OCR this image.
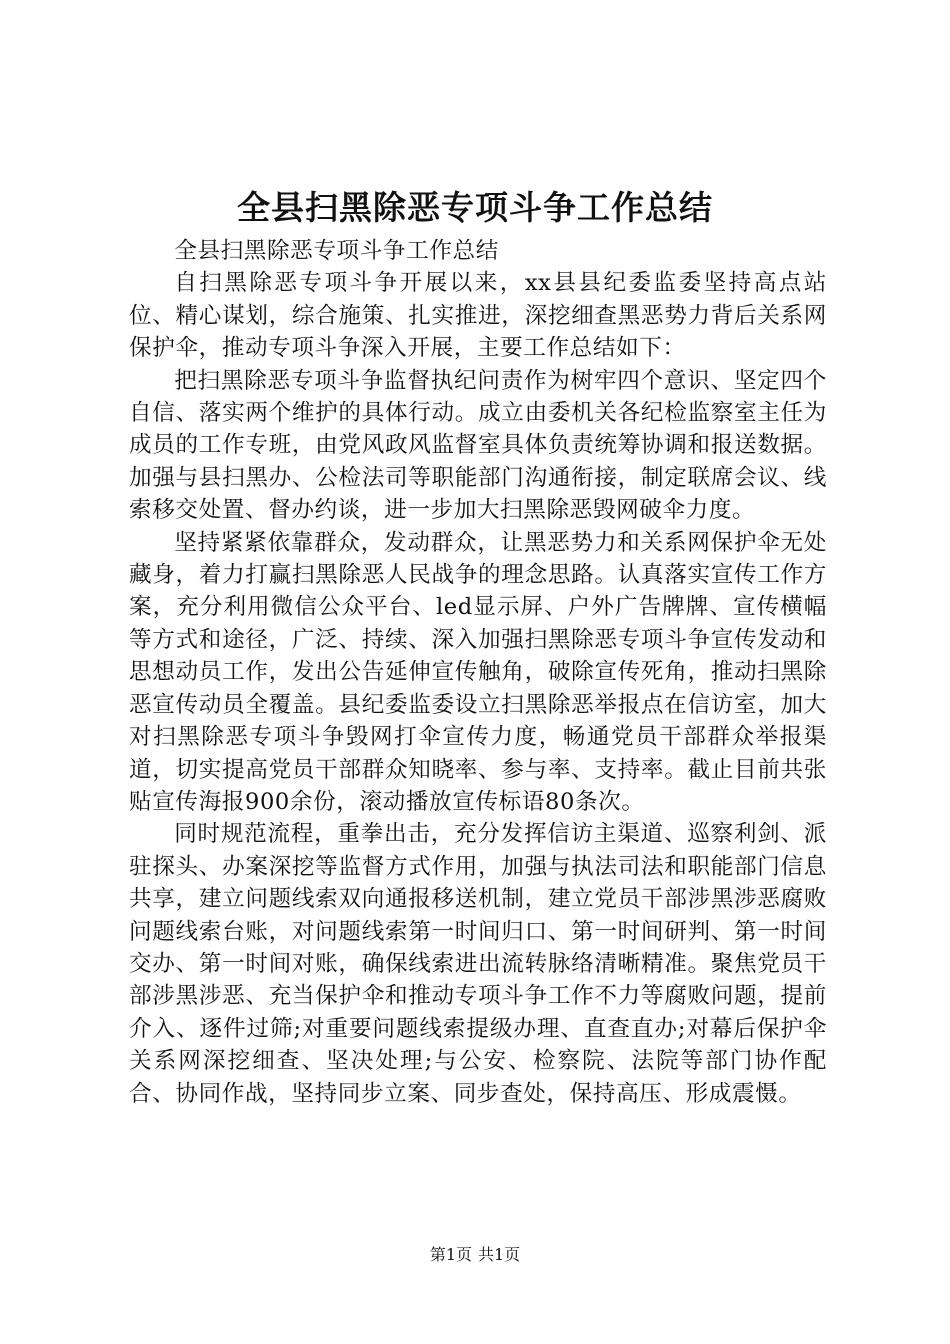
全县扫黑除恶专项斗争工作总结

全县扫黑除恶专项斗争工作总结

自扫黑除恶专项斗争开展以来，xx县县纪委监委坚持高点站位、精心谋划，综合施策、扎实推进，深挖细查黑恶势力背后关系网保护伞，推动专项斗争深入开展，主要工作总结如下：

把扫黑除恶专项斗争监督执纪问责作为树牢四个意识、坚定四个自信、落实两个维护的具体行动。成立由委机关各纪检监察室主任为成员的工作专班，由党风政风监督室具体负责统筹协调和报送数据。加强与县扫黑办、公检法司等职能部门沟通衔接，制定联席会议、线索移交处置、督办约谈，进一步加大扫黑除恶毁网破伞力度。

坚持紧紧依靠群众，发动群众，让黑恶势力和关系网保护伞无处藏身，着力打赢扫黑除恶人民战争的理念思路。认真落实宣传工作方案，充分利用微信公众平台、led显示屏、户外广告牌牌、宣传横幅等方式和途径，广泛、持续、深入加强扫黑除恶专项斗争宣传发动和思想动员工作，发出公告延伸宣传触角，破除宣传死角，推动扫黑除恶宣传动员全覆盖。县纪委监委设立扫黑除恶举报点在信访室，加大对扫黑除恶专项斗争毁网打伞宣传力度，畅通党员干部群众举报渠道，切实提高党员干部群众知晓率、参与率、支持率。截止目前共张贴宣传海报900余份，滚动播放宣传标语80条次。

同时规范流程，重拳出击，充分发挥信访主渠道、巡察利剑、派驻探头、办案深挖等监督方式作用，加强与执法司法和职能部门信息共享，建立问题线索双向通报移送机制，建立党员干部涉黑涉恶腐败问题线索台账，对问题线索第一时间归口、第一时间研判、第一时间交办、第一时间对账，确保线索进出流转脉络清晰精准。聚焦党员干部涉黑涉恶、充当保护伞和推动专项斗争工作不力等腐败问题，提前介入、逐件过筛;对重要问题线索提级办理、直查直办;对幕后保护伞关系网深挖细查、坚决处理;与公安、检察院、法院等部门协作配合、协同作战，坚持同步立案、同步查处，保持高压、形成震慑。

第1页 共1页
